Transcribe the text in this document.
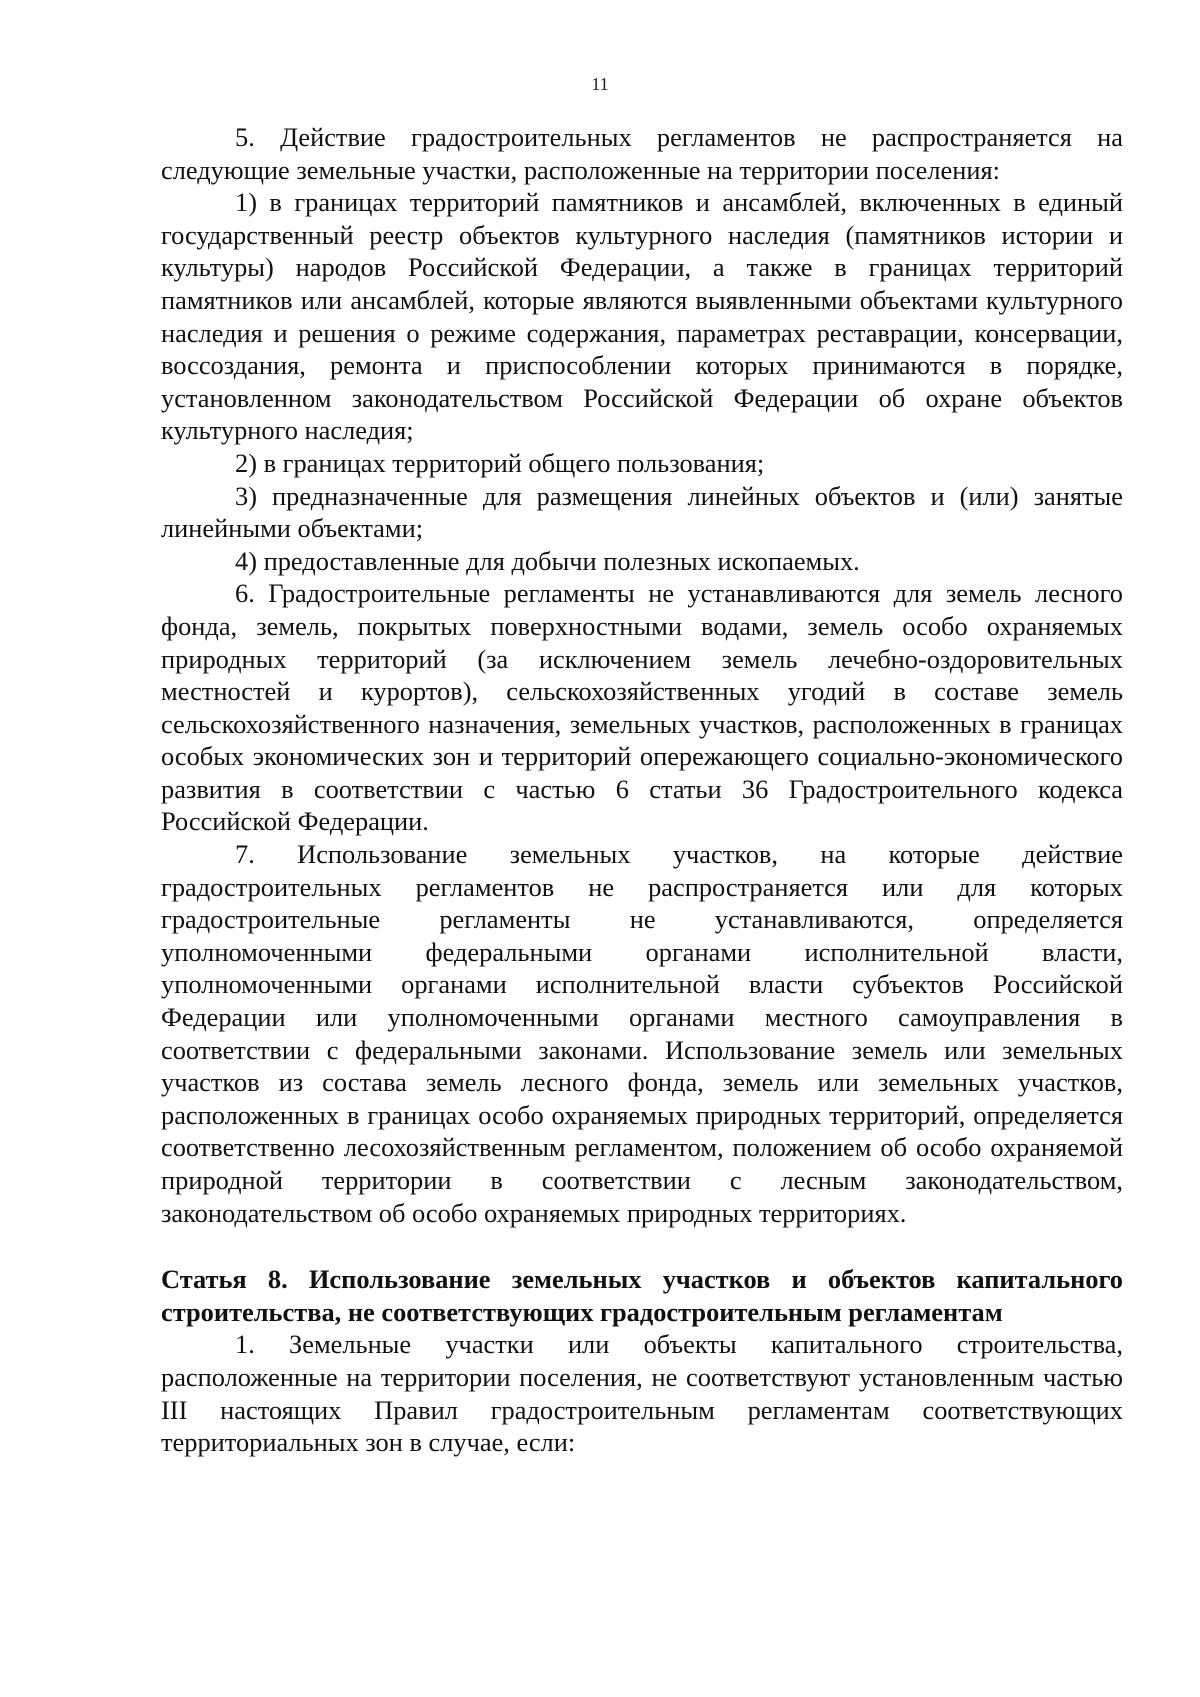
11

5. Действие градостроительных регламентов не распространяется на следующие земельные участки, расположенные на территории поселения:

1) в границах территорий памятников и ансамблей, включенных в единый государственный реестр объектов культурного наследия (памятников истории и культуры) народов Российской Федерации, а также в границах территорий памятников или ансамблей, которые являются выявленными объектами культурного наследия и решения о режиме содержания, параметрах реставрации, консервации, воссоздания, ремонта и приспособлении которых принимаются в порядке, установленном законодательством Российской Федерации об охране объектов культурного наследия;

2) в границах территорий общего пользования;

3) предназначенные для размещения линейных объектов и (или) занятые линейными объектами;

4) предоставленные для добычи полезных ископаемых.

6. Градостроительные регламенты не устанавливаются для земель лесного фонда, земель, покрытых поверхностными водами, земель особо охраняемых природных территорий (за исключением земель лечебно-оздоровительных местностей и курортов), сельскохозяйственных угодий в составе земель сельскохозяйственного назначения, земельных участков, расположенных в границах особых экономических зон и территорий опережающего социально-экономического развития в соответствии с частью 6 статьи 36 Градостроительного кодекса Российской Федерации.

7. Использование земельных участков, на которые действие градостроительных регламентов не распространяется или для которых градостроительные регламенты не устанавливаются, определяется уполномоченными федеральными органами исполнительной власти, уполномоченными органами исполнительной власти субъектов Российской Федерации или уполномоченными органами местного самоуправления в соответствии с федеральными законами. Использование земель или земельных участков из состава земель лесного фонда, земель или земельных участков, расположенных в границах особо охраняемых природных территорий, определяется соответственно лесохозяйственным регламентом, положением об особо охраняемой природной территории в соответствии с лесным законодательством, законодательством об особо охраняемых природных территориях.

Статья 8. Использование земельных участков и объектов капитального строительства, не соответствующих градостроительным регламентам

1. Земельные участки или объекты капитального строительства, расположенные на территории поселения, не соответствуют установленным частью III настоящих Правил градостроительным регламентам соответствующих территориальных зон в случае, если:
